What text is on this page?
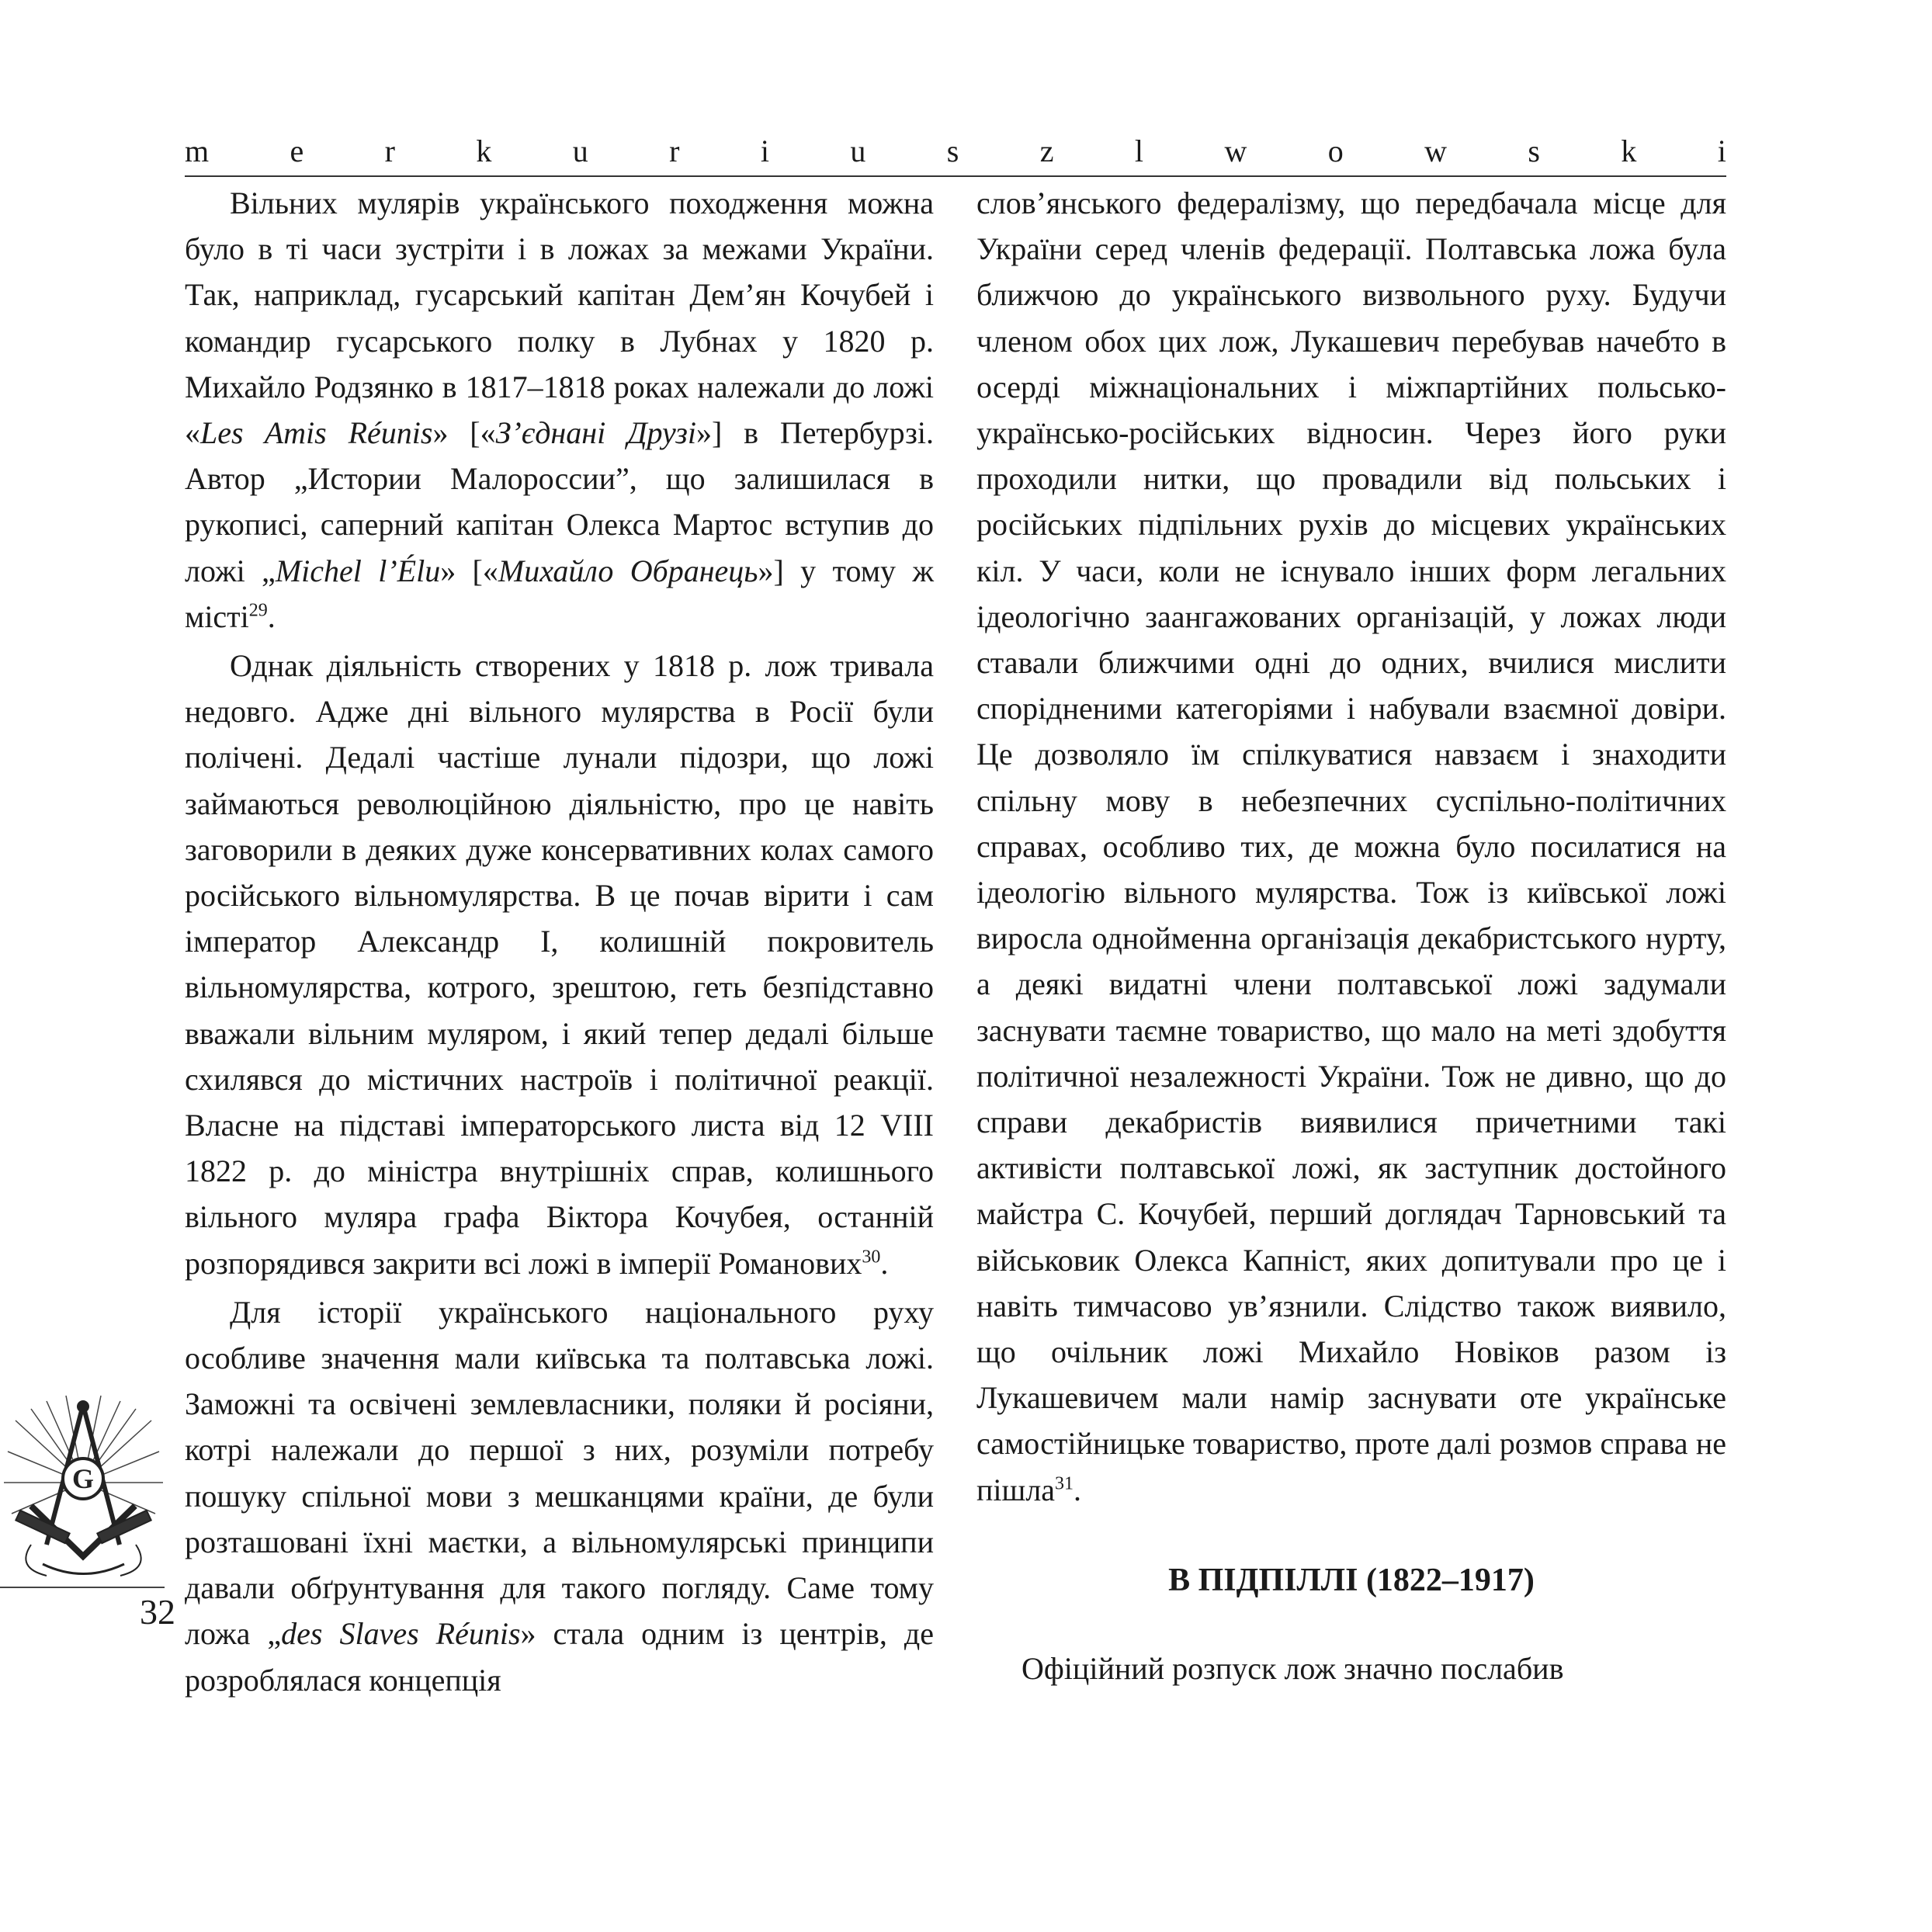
m	e	r	k	u	r	i	u	s	z	l	w	o	w	s	k	i

Вільних мулярів українського походження можна було в ті часи зустріти і в ложах за межами України. Так, наприклад, гусарський капітан Дем’ян Кочубей і командир гусарського полку в Лубнах у 1820 р. Михайло Родзянко в 1817–1818 роках належали до ложі «Les Amis Réunis» [«З’єднані Друзі»] в Петербурзі. Автор „Истории Малороссии”, що залишилася в рукописі, саперний капітан Олекса Мартос вступив до ложі „Michel l’Élu» [«Михайло Обранець»] у тому ж місті$^{29}$.

Однак діяльність створених у 1818 р. лож тривала недовго. Адже дні вільного мулярства в Росії були полічені. Дедалі частіше лунали підозри, що ложі займаються революційною діяльністю, про це навіть заговорили в деяких дуже консервативних колах самого російського вільномулярства. В це почав вірити і сам імператор Александр І, колишній покровитель вільномулярства, котрого, зрештою, геть безпідставно вважали вільним муляром, і який тепер дедалі більше схилявся до містичних настроїв і політичної реакції. Власне на підставі імператорського листа від 12 VIII 1822 р. до міністра внутрішніх справ, колишнього вільного муляра графа Віктора Кочубея, останній розпорядився закрити всі ложі в імперії Романових$^{30}$.

Для історії українського національного руху особливе значення мали київська та полтавська ложі. Заможні та освічені землевласники, поляки й росіяни, котрі належали до першої з них, розуміли потребу пошуку спільної мови з мешканцями країни, де були розташовані їхні маєтки, а вільномулярські принципи давали обґрунтування для такого погляду. Саме тому ложа „des Slaves Réunis» стала одним із центрів, де розроблялася концепція

слов’янського федералізму, що передбачала місце для України серед членів федерації. Полтавська ложа була ближчою до українського визвольного руху. Будучи членом обох цих лож, Лукашевич перебував начебто в осерді міжнаціональних і міжпартійних польсько-українсько-російських відносин. Через його руки проходили нитки, що провадили від польських і російських підпільних рухів до місцевих українських кіл. У часи, коли не існувало інших форм легальних ідеологічно заангажованих організацій, у ложах люди ставали ближчими одні до одних, вчилися мислити спорідненими категоріями і набували взаємної довіри. Це дозволяло їм спілкуватися навзаєм і знаходити спільну мову в небезпечних суспільно-політичних справах, особливо тих, де можна було посилатися на ідеологію вільного мулярства. Тож із київської ложі виросла однойменна організація декабристського нурту, а деякі видатні члени полтавської ложі задумали заснувати таємне товариство, що мало на меті здобуття політичної незалежності України. Тож не дивно, що до справи декабристів виявилися причетними такі активісти полтавської ложі, як заступник достойного майстра С. Кочубей, перший доглядач Тарновський та військовик Олекса Капніст, яких допитували про це і навіть тимчасово ув’язнили. Слідство також виявило, що очільник ложі Михайло Новіков разом із Лукашевичем мали намір заснувати оте українське самостійницьке товариство, проте далі розмов справа не пішла$^{31}$.

В ПІДПІЛЛІ (1822–1917)

Офіційний розпуск лож значно послабив

G
32
